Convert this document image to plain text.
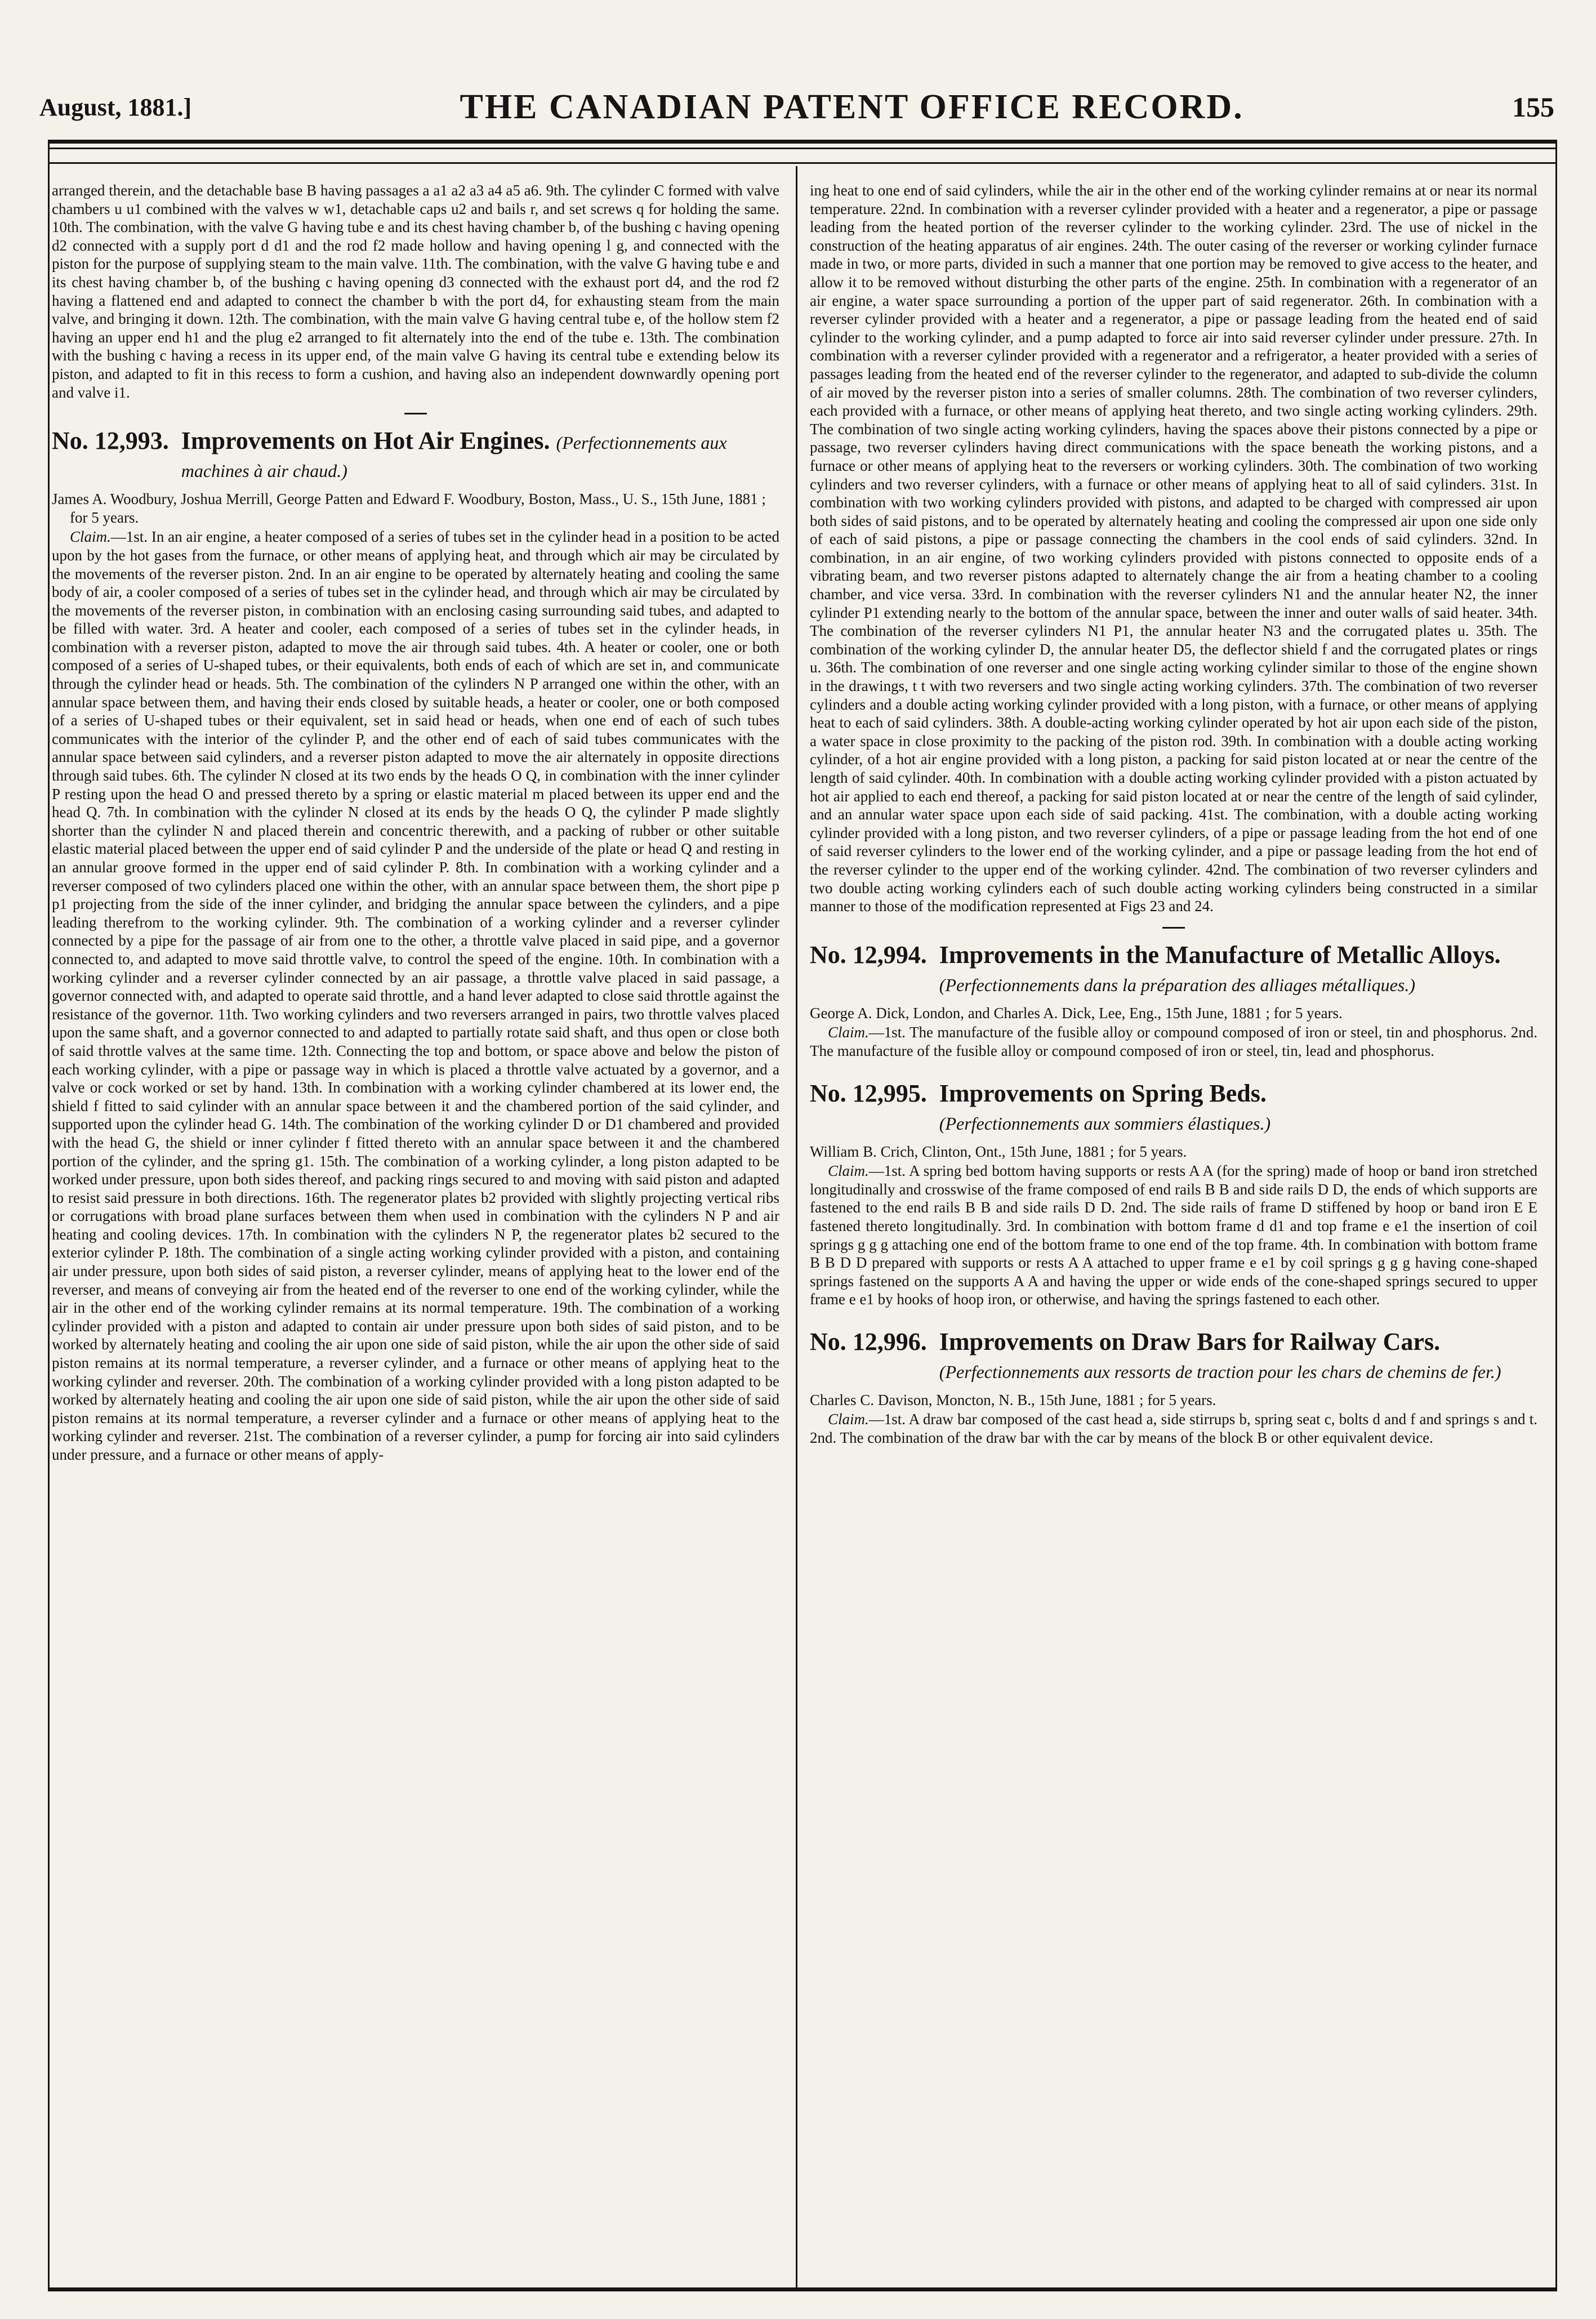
August, 1881.]	THE CANADIAN PATENT OFFICE RECORD.	155

arranged therein, and the detachable base B having passages a a1 a2 a3 a4 a5 a6. 9th. The cylinder C formed with valve chambers u u1 combined with the valves w w1, detachable caps u2 and bails r, and set screws q for holding the same. 10th. The combination, with the valve G having tube e and its chest having chamber b, of the bushing c having opening d2 connected with a supply port d d1 and the rod f2 made hollow and having opening l g, and connected with the piston for the purpose of supplying steam to the main valve. 11th. The combination, with the valve G having tube e and its chest having chamber b, of the bushing c having opening d3 connected with the exhaust port d4, and the rod f2 having a flattened end and adapted to connect the chamber b with the port d4, for exhausting steam from the main valve, and bringing it down. 12th. The combination, with the main valve G having central tube e, of the hollow stem f2 having an upper end h1 and the plug e2 arranged to fit alternately into the end of the tube e. 13th. The combination with the bushing c having a recess in its upper end, of the main valve G having its central tube e extending below its piston, and adapted to fit in this recess to form a cushion, and having also an independent downwardly opening port and valve i1.

No. 12,993. Improvements on Hot Air Engines. (Perfectionnements aux machines à air chaud.)

James A. Woodbury, Joshua Merrill, George Patten and Edward F. Woodbury, Boston, Mass., U. S., 15th June, 1881 ; for 5 years.

Claim.—1st. In an air engine, a heater composed of a series of tubes set in the cylinder head in a position to be acted upon by the hot gases from the furnace, or other means of applying heat, and through which air may be circulated by the movements of the reverser piston. 2nd. In an air engine to be operated by alternately heating and cooling the same body of air, a cooler composed of a series of tubes set in the cylinder head, and through which air may be circulated by the movements of the reverser piston, in combination with an enclosing casing surrounding said tubes, and adapted to be filled with water. 3rd. A heater and cooler, each composed of a series of tubes set in the cylinder heads, in combination with a reverser piston, adapted to move the air through said tubes. 4th. A heater or cooler, one or both composed of a series of U-shaped tubes, or their equivalents, both ends of each of which are set in, and communicate through the cylinder head or heads. 5th. The combination of the cylinders N P arranged one within the other, with an annular space between them, and having their ends closed by suitable heads, a heater or cooler, one or both composed of a series of U-shaped tubes or their equivalent, set in said head or heads, when one end of each of such tubes communicates with the interior of the cylinder P, and the other end of each of said tubes communicates with the annular space between said cylinders, and a reverser piston adapted to move the air alternately in opposite directions through said tubes. 6th. The cylinder N closed at its two ends by the heads O Q, in combination with the inner cylinder P resting upon the head O and pressed thereto by a spring or elastic material m placed between its upper end and the head Q. 7th. In combination with the cylinder N closed at its ends by the heads O Q, the cylinder P made slightly shorter than the cylinder N and placed therein and concentric therewith, and a packing of rubber or other suitable elastic material placed between the upper end of said cylinder P and the underside of the plate or head Q and resting in an annular groove formed in the upper end of said cylinder P. 8th. In combination with a working cylinder and a reverser composed of two cylinders placed one within the other, with an annular space between them, the short pipe p p1 projecting from the side of the inner cylinder, and bridging the annular space between the cylinders, and a pipe leading therefrom to the working cylinder. 9th. The combination of a working cylinder and a reverser cylinder connected by a pipe for the passage of air from one to the other, a throttle valve placed in said pipe, and a governor connected to, and adapted to move said throttle valve, to control the speed of the engine. 10th. In combination with a working cylinder and a reverser cylinder connected by an air passage, a throttle valve placed in said passage, a governor connected with, and adapted to operate said throttle, and a hand lever adapted to close said throttle against the resistance of the governor. 11th. Two working cylinders and two reversers arranged in pairs, two throttle valves placed upon the same shaft, and a governor connected to and adapted to partially rotate said shaft, and thus open or close both of said throttle valves at the same time. 12th. Connecting the top and bottom, or space above and below the piston of each working cylinder, with a pipe or passage way in which is placed a throttle valve actuated by a governor, and a valve or cock worked or set by hand. 13th. In combination with a working cylinder chambered at its lower end, the shield f fitted to said cylinder with an annular space between it and the chambered portion of the said cylinder, and supported upon the cylinder head G. 14th. The combination of the working cylinder D or D1 chambered and provided with the head G, the shield or inner cylinder f fitted thereto with an annular space between it and the chambered portion of the cylinder, and the spring g1. 15th. The combination of a working cylinder, a long piston adapted to be worked under pressure, upon both sides thereof, and packing rings secured to and moving with said piston and adapted to resist said pressure in both directions. 16th. The regenerator plates b2 provided with slightly projecting vertical ribs or corrugations with broad plane surfaces between them when used in combination with the cylinders N P and air heating and cooling devices. 17th. In combination with the cylinders N P, the regenerator plates b2 secured to the exterior cylinder P. 18th. The combination of a single acting working cylinder provided with a piston, and containing air under pressure, upon both sides of said piston, a reverser cylinder, means of applying heat to the lower end of the reverser, and means of conveying air from the heated end of the reverser to one end of the working cylinder, while the air in the other end of the working cylinder remains at its normal temperature. 19th. The combination of a working cylinder provided with a piston and adapted to contain air under pressure upon both sides of said piston, and to be worked by alternately heating and cooling the air upon one side of said piston, while the air upon the other side of said piston remains at its normal temperature, a reverser cylinder, and a furnace or other means of applying heat to the working cylinder and reverser. 20th. The combination of a working cylinder provided with a long piston adapted to be worked by alternately heating and cooling the air upon one side of said piston, while the air upon the other side of said piston remains at its normal temperature, a reverser cylinder and a furnace or other means of applying heat to the working cylinder and reverser. 21st. The combination of a reverser cylinder, a pump for forcing air into said cylinders under pressure, and a furnace or other means of apply-

ing heat to one end of said cylinders, while the air in the other end of the working cylinder remains at or near its normal temperature. 22nd. In combination with a reverser cylinder provided with a heater and a regenerator, a pipe or passage leading from the heated portion of the reverser cylinder to the working cylinder. 23rd. The use of nickel in the construction of the heating apparatus of air engines. 24th. The outer casing of the reverser or working cylinder furnace made in two, or more parts, divided in such a manner that one portion may be removed to give access to the heater, and allow it to be removed without disturbing the other parts of the engine. 25th. In combination with a regenerator of an air engine, a water space surrounding a portion of the upper part of said regenerator. 26th. In combination with a reverser cylinder provided with a heater and a regenerator, a pipe or passage leading from the heated end of said cylinder to the working cylinder, and a pump adapted to force air into said reverser cylinder under pressure. 27th. In combination with a reverser cylinder provided with a regenerator and a refrigerator, a heater provided with a series of passages leading from the heated end of the reverser cylinder to the regenerator, and adapted to sub-divide the column of air moved by the reverser piston into a series of smaller columns. 28th. The combination of two reverser cylinders, each provided with a furnace, or other means of applying heat thereto, and two single acting working cylinders. 29th. The combination of two single acting working cylinders, having the spaces above their pistons connected by a pipe or passage, two reverser cylinders having direct communications with the space beneath the working pistons, and a furnace or other means of applying heat to the reversers or working cylinders. 30th. The combination of two working cylinders and two reverser cylinders, with a furnace or other means of applying heat to all of said cylinders. 31st. In combination with two working cylinders provided with pistons, and adapted to be charged with compressed air upon both sides of said pistons, and to be operated by alternately heating and cooling the compressed air upon one side only of each of said pistons, a pipe or passage connecting the chambers in the cool ends of said cylinders. 32nd. In combination, in an air engine, of two working cylinders provided with pistons connected to opposite ends of a vibrating beam, and two reverser pistons adapted to alternately change the air from a heating chamber to a cooling chamber, and vice versa. 33rd. In combination with the reverser cylinders N1 and the annular heater N2, the inner cylinder P1 extending nearly to the bottom of the annular space, between the inner and outer walls of said heater. 34th. The combination of the reverser cylinders N1 P1, the annular heater N3 and the corrugated plates u. 35th. The combination of the working cylinder D, the annular heater D5, the deflector shield f and the corrugated plates or rings u. 36th. The combination of one reverser and one single acting working cylinder similar to those of the engine shown in the drawings, t t with two reversers and two single acting working cylinders. 37th. The combination of two reverser cylinders and a double acting working cylinder provided with a long piston, with a furnace, or other means of applying heat to each of said cylinders. 38th. A double-acting working cylinder operated by hot air upon each side of the piston, a water space in close proximity to the packing of the piston rod. 39th. In combination with a double acting working cylinder, of a hot air engine provided with a long piston, a packing for said piston located at or near the centre of the length of said cylinder. 40th. In combination with a double acting working cylinder provided with a piston actuated by hot air applied to each end thereof, a packing for said piston located at or near the centre of the length of said cylinder, and an annular water space upon each side of said packing. 41st. The combination, with a double acting working cylinder provided with a long piston, and two reverser cylinders, of a pipe or passage leading from the hot end of one of said reverser cylinders to the lower end of the working cylinder, and a pipe or passage leading from the hot end of the reverser cylinder to the upper end of the working cylinder. 42nd. The combination of two reverser cylinders and two double acting working cylinders each of such double acting working cylinders being constructed in a similar manner to those of the modification represented at Figs 23 and 24.

No. 12,994. Improvements in the Manufacture of Metallic Alloys. (Perfectionnements dans la préparation des alliages métalliques.)

George A. Dick, London, and Charles A. Dick, Lee, Eng., 15th June, 1881 ; for 5 years.

Claim.—1st. The manufacture of the fusible alloy or compound composed of iron or steel, tin and phosphorus. 2nd. The manufacture of the fusible alloy or compound composed of iron or steel, tin, lead and phosphorus.

No. 12,995. Improvements on Spring Beds.
(Perfectionnements aux sommiers élastiques.)

William B. Crich, Clinton, Ont., 15th June, 1881 ; for 5 years.

Claim.—1st. A spring bed bottom having supports or rests A A (for the spring) made of hoop or band iron stretched longitudinally and crosswise of the frame composed of end rails B B and side rails D D, the ends of which supports are fastened to the end rails B B and side rails D D. 2nd. The side rails of frame D stiffened by hoop or band iron E E fastened thereto longitudinally. 3rd. In combination with bottom frame d d1 and top frame e e1 the insertion of coil springs g g g attaching one end of the bottom frame to one end of the top frame. 4th. In combination with bottom frame B B D D prepared with supports or rests A A attached to upper frame e e1 by coil springs g g g having cone-shaped springs fastened on the supports A A and having the upper or wide ends of the cone-shaped springs secured to upper frame e e1 by hooks of hoop iron, or otherwise, and having the springs fastened to each other.

No. 12,996. Improvements on Draw Bars for Railway Cars. (Perfectionnements aux ressorts de traction pour les chars de chemins de fer.)

Charles C. Davison, Moncton, N. B., 15th June, 1881 ; for 5 years.

Claim.—1st. A draw bar composed of the cast head a, side stirrups b, spring seat c, bolts d and f and springs s and t. 2nd. The combination of the draw bar with the car by means of the block B or other equivalent device.
